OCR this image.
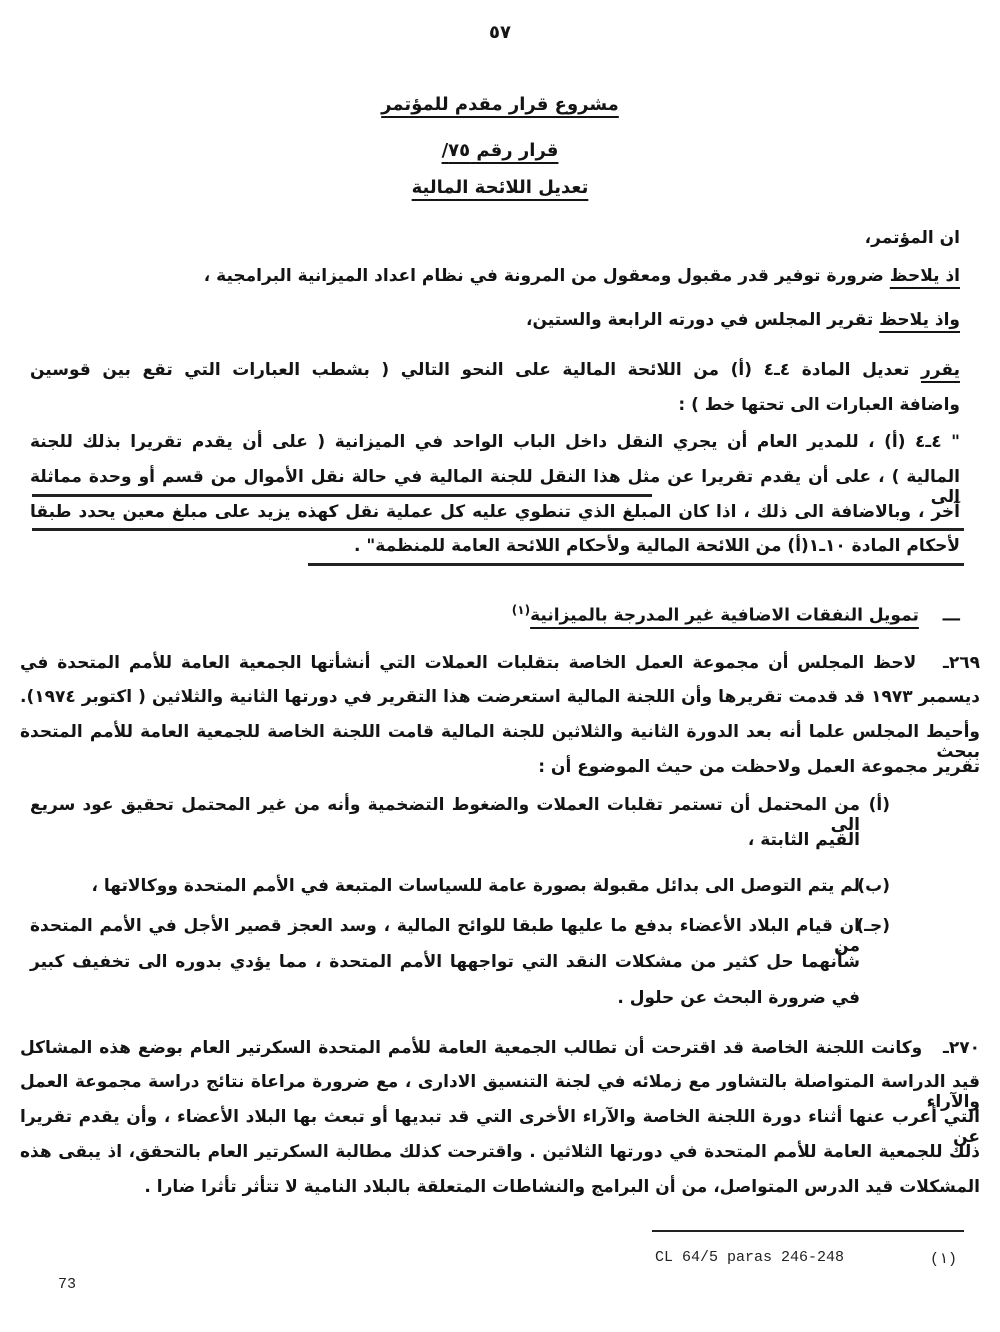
٥٧
مشروع قرار مقدم للمؤتمر
قرار رقم ٧٥/
تعديل اللائحة المالية
ان المؤتمر،
اذ يلاحظ ضرورة توفير قدر مقبول ومعقول من المرونة في نظام اعداد الميزانية البرامجية ،
واذ يلاحظ تقرير المجلس في دورته الرابعة والستين،
يقرر تعديل المادة ٤ـ٤ (أ) من اللائحة المالية على النحو التالي ( بشطب العبارات التي تقع بين قوسين
واضافة العبارات الى تحتها خط ) :
" ٤ـ٤ (أ) ، للمدير العام أن يجري النقل داخل الباب الواحد في الميزانية ( على أن يقدم تقريرا بذلك للجنة
المالية ) ، على أن يقدم تقريرا عن مثل هذا النقل للجنة المالية في حالة نقل الأموال من قسم أو وحدة مماثلة الى
آخر ، وبالاضافة الى ذلك ، اذا كان المبلغ الذي تنطوي عليه كل عملية نقل كهذه يزيد على مبلغ معين يحدد طبقا
لأحكام المادة ١٠ـ١(أ) من اللائحة المالية ولأحكام اللائحة العامة للمنظمة" .
ـــ    تمويل النفقات الاضافية غير المدرجة بالميزانية$^{(١)}$
٢٦٩ـ   لاحظ المجلس أن مجموعة العمل الخاصة بتقلبات العملات التي أنشأتها الجمعية العامة للأمم المتحدة في
ديسمبر ١٩٧٣ قد قدمت تقريرها وأن اللجنة المالية استعرضت هذا التقرير في دورتها الثانية والثلاثين ( اكتوبر ١٩٧٤).
وأحيط المجلس علما أنه بعد الدورة الثانية والثلاثين للجنة المالية قامت اللجنة الخاصة للجمعية العامة للأمم المتحدة ببحث
تقرير مجموعة العمل ولاحظت من حيث الموضوع أن :
(أ)
من المحتمل أن تستمر تقلبات العملات والضغوط التضخمية وأنه من غير المحتمل تحقيق عود سريع الى
القيم الثابتة ،
(ب)
لم يتم التوصل الى بدائل مقبولة بصورة عامة للسياسات المتبعة في الأمم المتحدة ووكالاتها ،
(جـ)
ان قيام البلاد الأعضاء بدفع ما عليها طبقا للوائح المالية ، وسد العجز قصير الأجل في الأمم المتحدة من
شأنهما حل كثير من مشكلات النقد التي تواجهها الأمم المتحدة ، مما يؤدي بدوره الى تخفيف كبير
في ضرورة البحث عن حلول .
٢٧٠ـ   وكانت اللجنة الخاصة قد اقترحت أن تطالب الجمعية العامة للأمم المتحدة السكرتير العام بوضع هذه المشاكل
قيد الدراسة المتواصلة بالتشاور مع زملائه في لجنة التنسيق الادارى ، مع ضرورة مراعاة نتائج دراسة مجموعة العمل والآراء
التي أعرب عنها أثناء دورة اللجنة الخاصة والآراء الأخرى التي قد تبديها أو تبعث بها البلاد الأعضاء ، وأن يقدم تقريرا عن
ذلك للجمعية العامة للأمم المتحدة في دورتها الثلاثين . واقترحت كذلك مطالبة السكرتير العام بالتحقق، اذ يبقى هذه
المشكلات قيد الدرس المتواصل، من أن البرامج والنشاطات المتعلقة بالبلاد النامية لا تتأثر تأثرا ضارا .
CL 64/5 paras 246-248	(١)
73
